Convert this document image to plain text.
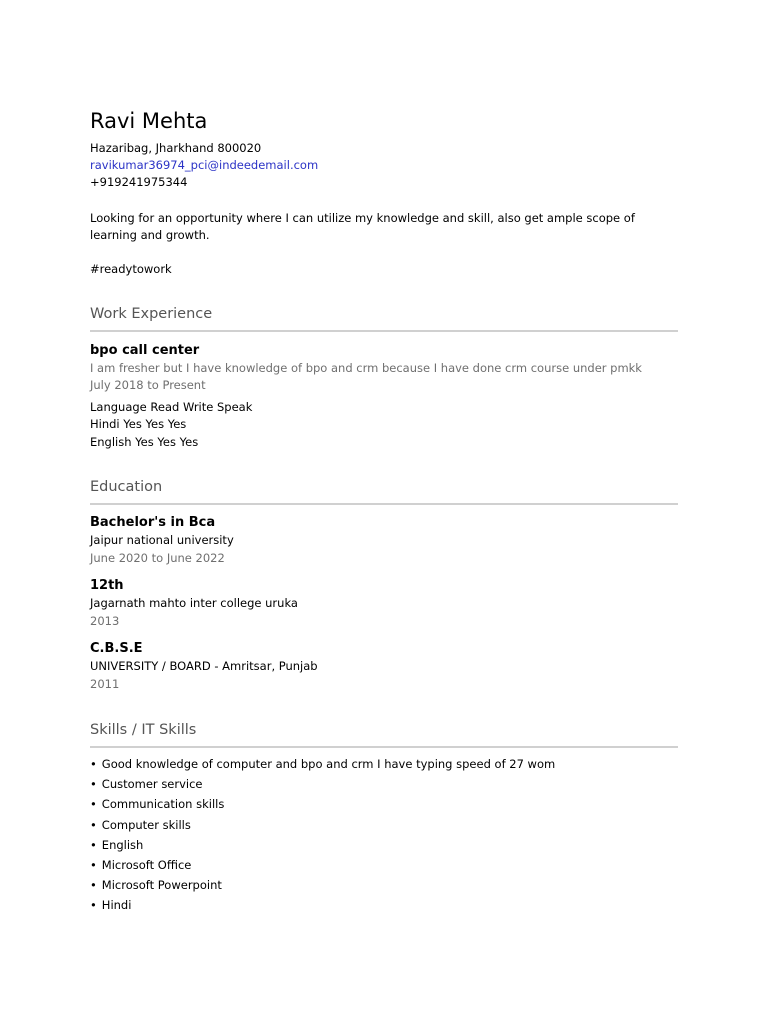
Ravi Mehta

Hazaribag, Jharkhand 800020

ravikumar36974_pci@indeedemail.com

+919241975344

Looking for an opportunity where I can utilize my knowledge and skill, also get ample scope of learning and growth.

#readytowork

Work Experience

bpo call center

I am fresher but I have knowledge of bpo and crm because I have done crm course under pmkk

July 2018 to Present

Language Read Write Speak

Hindi Yes Yes Yes

English Yes Yes Yes

Education

Bachelor's in Bca

Jaipur national university

June 2020 to June 2022

12th

Jagarnath mahto inter college uruka

2013

C.B.S.E

UNIVERSITY / BOARD - Amritsar, Punjab

2011

Skills / IT Skills
• Good knowledge of computer and bpo and crm I have typing speed of 27 wom
• Customer service
• Communication skills
• Computer skills
• English
• Microsoft Office
• Microsoft Powerpoint
• Hindi
